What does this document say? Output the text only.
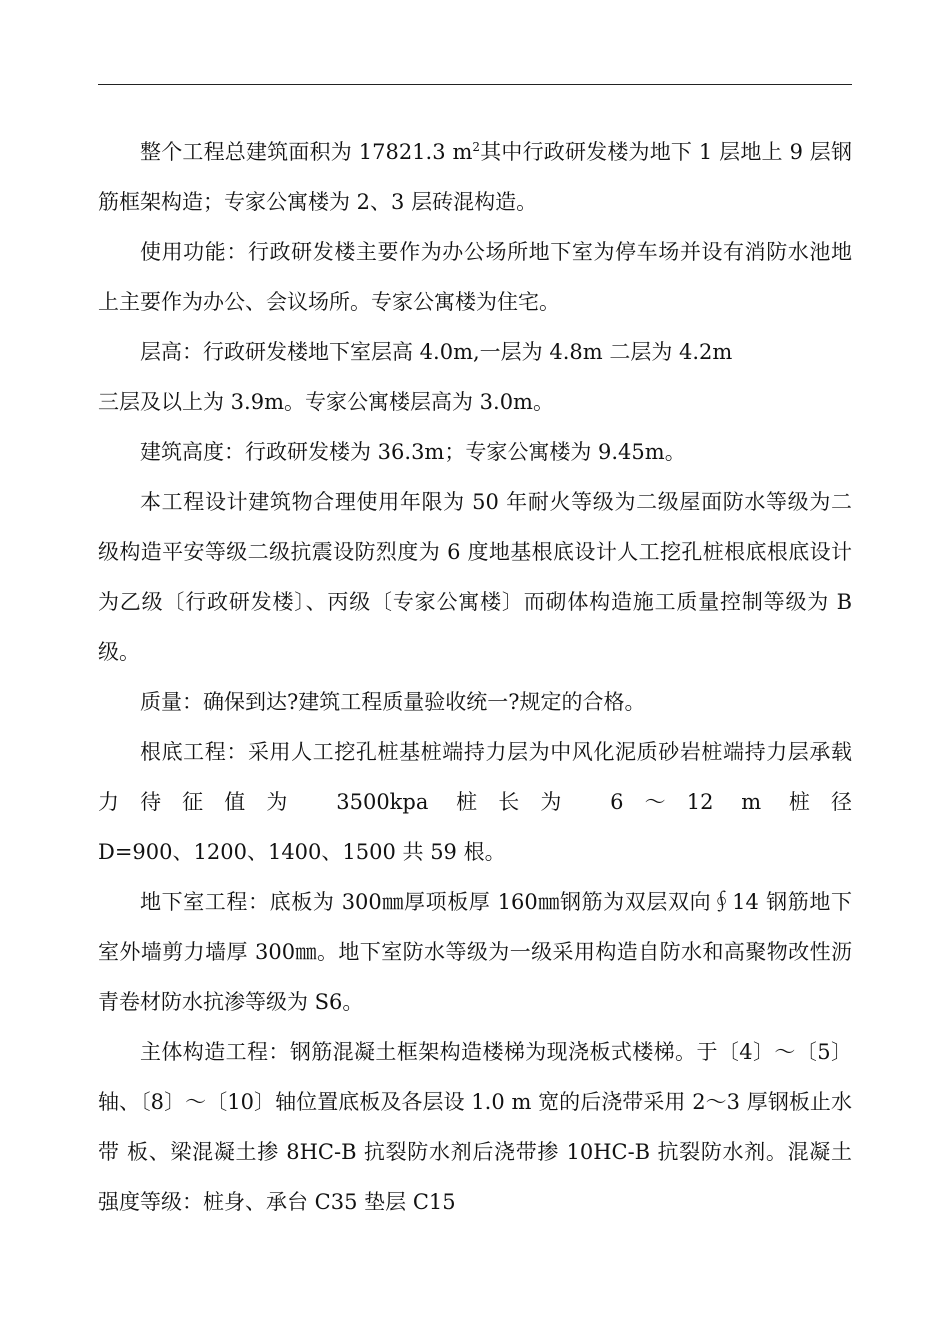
整个工程总建筑面积为 17821.3 $m^2$其中行政研发楼为地下 1 层地上 9 层钢筋框架构造；专家公寓楼为 2、3 层砖混构造。

使用功能：行政研发楼主要作为办公场所地下室为停车场并设有消防水池地上主要作为办公、会议场所。专家公寓楼为住宅。

层高：行政研发楼地下室层高 4.0m,一层为 4.8m 二层为 4.2m
三层及以上为 3.9m。专家公寓楼层高为 3.0m。

建筑高度：行政研发楼为 36.3m；专家公寓楼为 9.45m。

本工程设计建筑物合理使用年限为 50 年耐火等级为二级屋面防水等级为二级构造平安等级二级抗震设防烈度为 6 度地基根底设计人工挖孔桩根底根底设计为乙级〔行政研发楼〕、丙级〔专家公寓楼〕而砌体构造施工质量控制等级为 B 级。

质量：确保到达?建筑工程质量验收统一?规定的合格。

根底工程：采用人工挖孔桩基桩端持力层为中风化泥质砂岩桩端持力层承载力待征值为 3500kpa 桩长为 6～12 m 桩径

D=900、1200、1400、1500 共 59 根。

地下室工程：底板为 300㎜厚项板厚 160㎜钢筋为双层双向∮14 钢筋地下室外墙剪力墙厚 300㎜。地下室防水等级为一级采用构造自防水和高聚物改性沥青卷材防水抗渗等级为 S6。

主体构造工程：钢筋混凝土框架构造楼梯为现浇板式楼梯。于〔4〕～〔5〕轴、〔8〕～〔10〕轴位置底板及各层设 1.0 m 宽的后浇带采用 2～3 厚钢板止水带 板、梁混凝土掺 8HC-B 抗裂防水剂后浇带掺 10HC-B 抗裂防水剂。混凝土强度等级：桩身、承台 C35 垫层 C15
